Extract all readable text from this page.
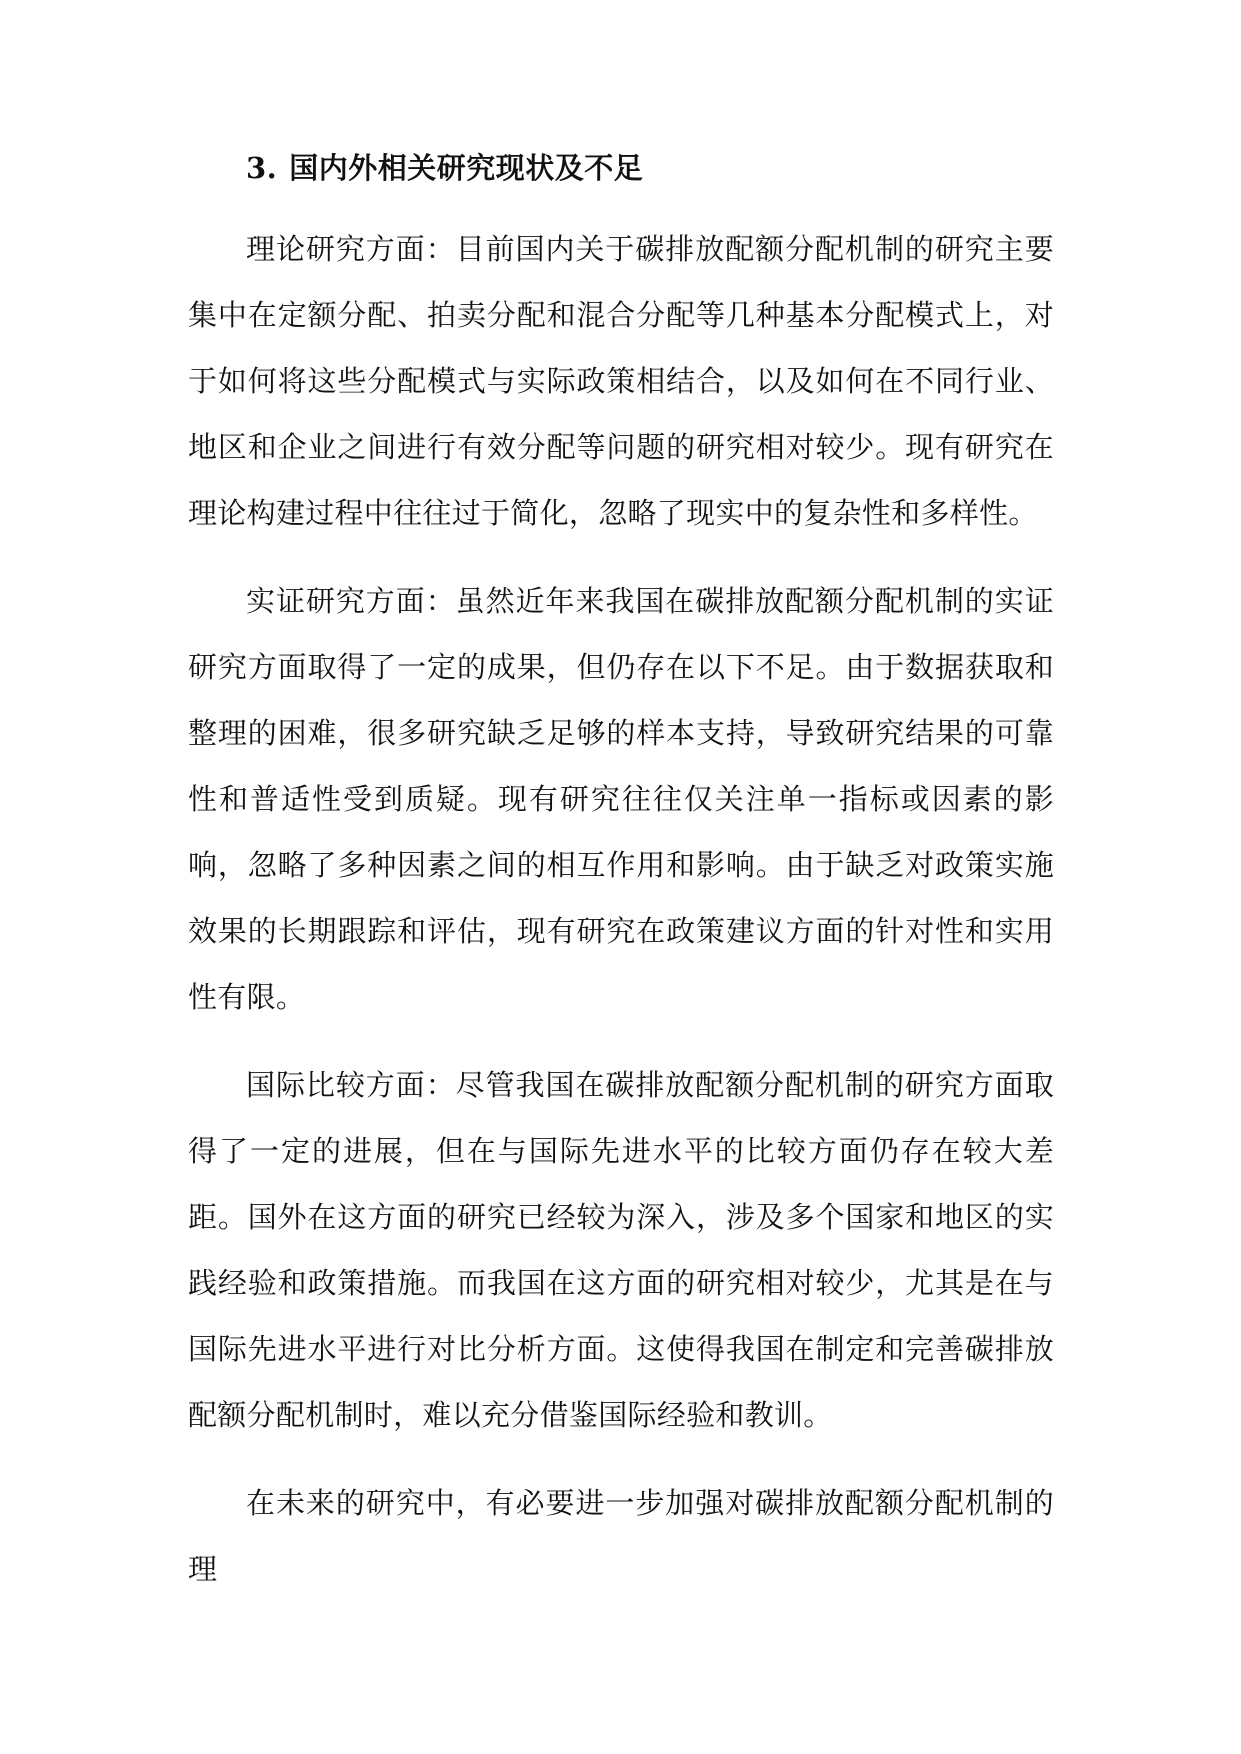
3. 国内外相关研究现状及不足

理论研究方面：目前国内关于碳排放配额分配机制的研究主要集中在定额分配、拍卖分配和混合分配等几种基本分配模式上，对于如何将这些分配模式与实际政策相结合，以及如何在不同行业、地区和企业之间进行有效分配等问题的研究相对较少。现有研究在理论构建过程中往往过于简化，忽略了现实中的复杂性和多样性。

实证研究方面：虽然近年来我国在碳排放配额分配机制的实证研究方面取得了一定的成果，但仍存在以下不足。由于数据获取和整理的困难，很多研究缺乏足够的样本支持，导致研究结果的可靠性和普适性受到质疑。现有研究往往仅关注单一指标或因素的影响，忽略了多种因素之间的相互作用和影响。由于缺乏对政策实施效果的长期跟踪和评估，现有研究在政策建议方面的针对性和实用性有限。

国际比较方面：尽管我国在碳排放配额分配机制的研究方面取得了一定的进展，但在与国际先进水平的比较方面仍存在较大差距。国外在这方面的研究已经较为深入，涉及多个国家和地区的实践经验和政策措施。而我国在这方面的研究相对较少，尤其是在与国际先进水平进行对比分析方面。这使得我国在制定和完善碳排放配额分配机制时，难以充分借鉴国际经验和教训。

在未来的研究中，有必要进一步加强对碳排放配额分配机制的理
